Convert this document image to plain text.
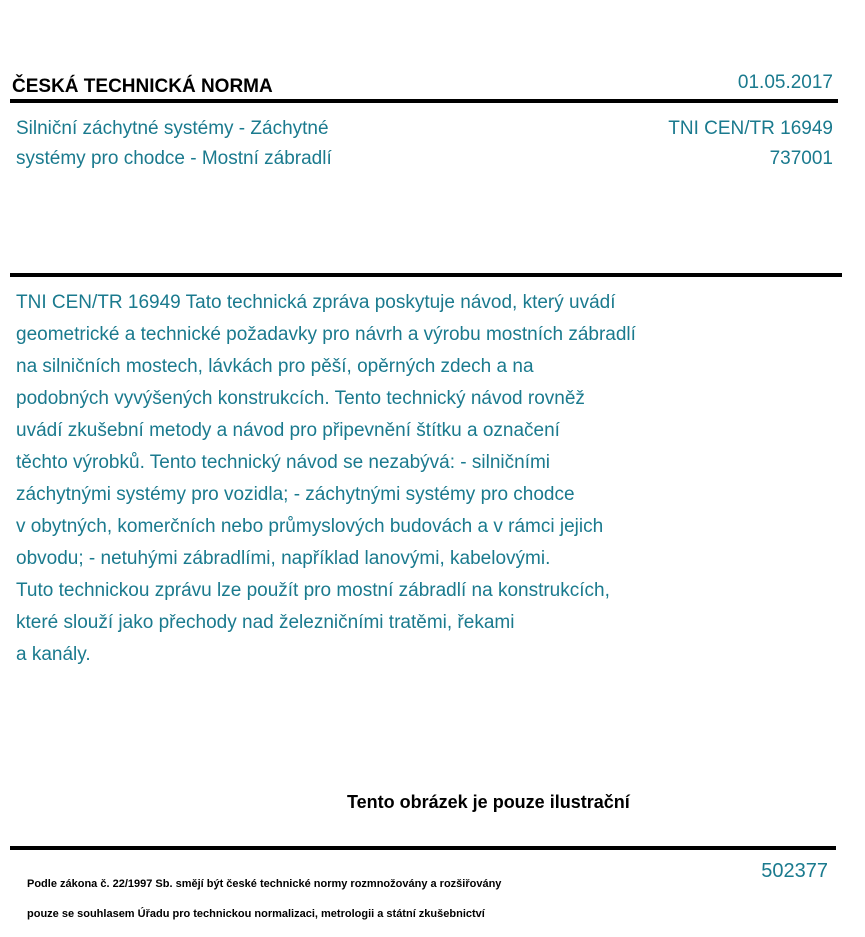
ČESKÁ TECHNICKÁ NORMA	01.05.2017
Silniční záchytné systémy - Záchytné
systémy pro chodce - Mostní zábradlí
TNI CEN/TR 16949
737001

TNI CEN/TR 16949 Tato technická zpráva poskytuje návod, který uvádí
geometrické a technické požadavky pro návrh a výrobu mostních zábradlí
na silničních mostech, lávkách pro pěší, opěrných zdech a na
podobných vyvýšených konstrukcích. Tento technický návod rovněž
uvádí zkušební metody a návod pro připevnění štítku a označení
těchto výrobků. Tento technický návod se nezabývá: - silničními
záchytnými systémy pro vozidla; - záchytnými systémy pro chodce
v obytných, komerčních nebo průmyslových budovách a v rámci jejich
obvodu; - netuhými zábradlími, například lanovými, kabelovými.
Tuto technickou zprávu lze použít pro mostní zábradlí na konstrukcích,
které slouží jako přechody nad železničními tratěmi, řekami
a kanály.

Tento obrázek je pouze ilustrační

Podle zákona č. 22/1997 Sb. smějí být české technické normy rozmnožovány a rozšiřovány

pouze se souhlasem Úřadu pro technickou normalizaci, metrologii a státní zkušebnictví

502377
